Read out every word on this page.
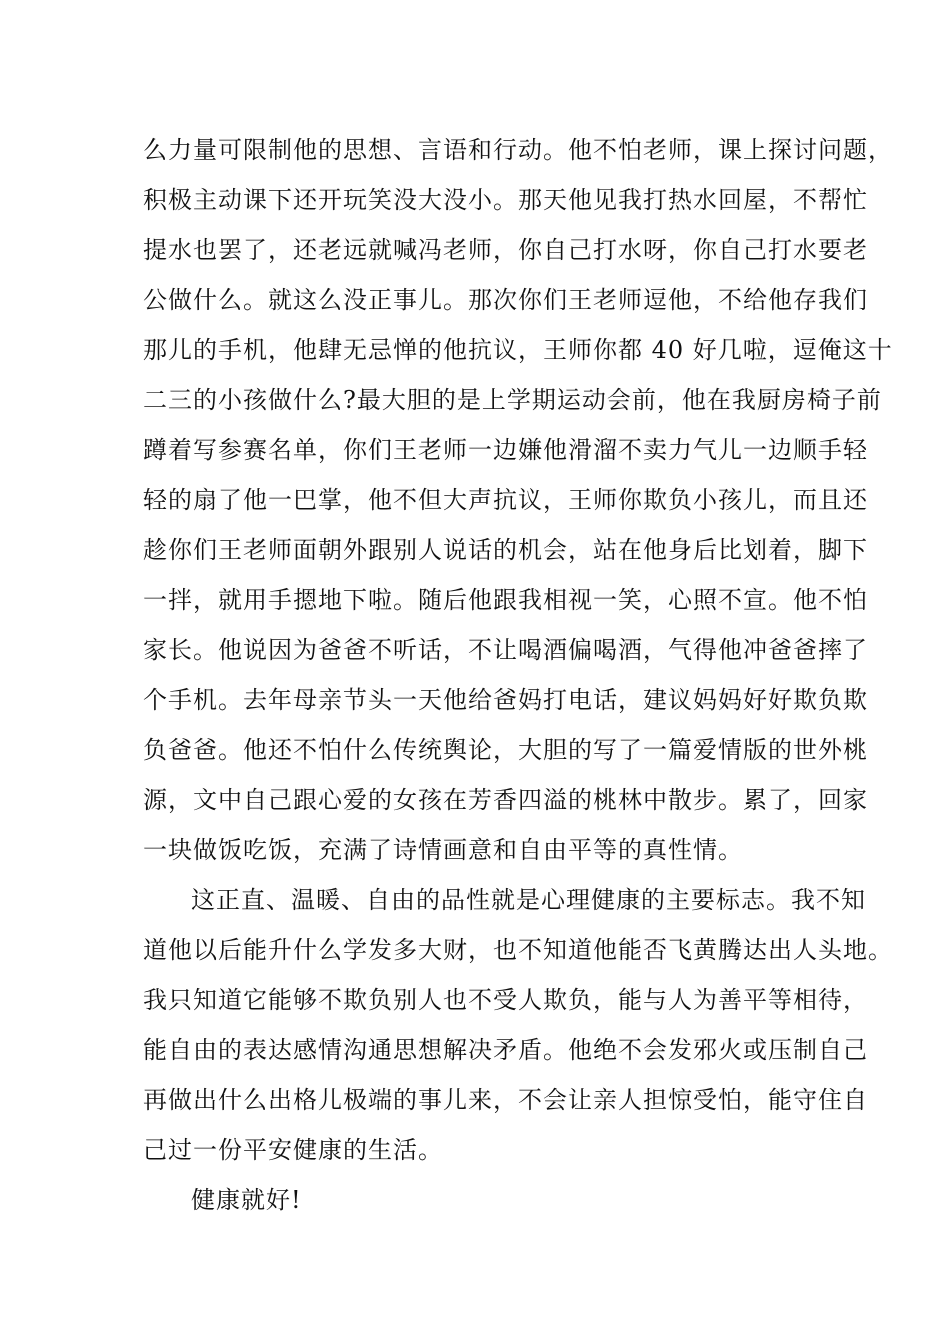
么力量可限制他的思想、言语和行动。他不怕老师，课上探讨问题，
积极主动课下还开玩笑没大没小。那天他见我打热水回屋，不帮忙
提水也罢了，还老远就喊冯老师，你自己打水呀，你自己打水要老
公做什么。就这么没正事儿。那次你们王老师逗他，不给他存我们
那儿的手机，他肆无忌惮的他抗议，王师你都 40 好几啦，逗俺这十
二三的小孩做什么?最大胆的是上学期运动会前，他在我厨房椅子前
蹲着写参赛名单，你们王老师一边嫌他滑溜不卖力气儿一边顺手轻
轻的扇了他一巴掌，他不但大声抗议，王师你欺负小孩儿，而且还
趁你们王老师面朝外跟别人说话的机会，站在他身后比划着，脚下
一拌，就用手摁地下啦。随后他跟我相视一笑，心照不宣。他不怕
家长。他说因为爸爸不听话，不让喝酒偏喝酒，气得他冲爸爸摔了
个手机。去年母亲节头一天他给爸妈打电话，建议妈妈好好欺负欺
负爸爸。他还不怕什么传统舆论，大胆的写了一篇爱情版的世外桃
源，文中自己跟心爱的女孩在芳香四溢的桃林中散步。累了，回家
一块做饭吃饭，充满了诗情画意和自由平等的真性情。
这正直、温暖、自由的品性就是心理健康的主要标志。我不知
道他以后能升什么学发多大财，也不知道他能否飞黄腾达出人头地。
我只知道它能够不欺负别人也不受人欺负，能与人为善平等相待，
能自由的表达感情沟通思想解决矛盾。他绝不会发邪火或压制自己
再做出什么出格儿极端的事儿来，不会让亲人担惊受怕，能守住自
己过一份平安健康的生活。
健康就好!
